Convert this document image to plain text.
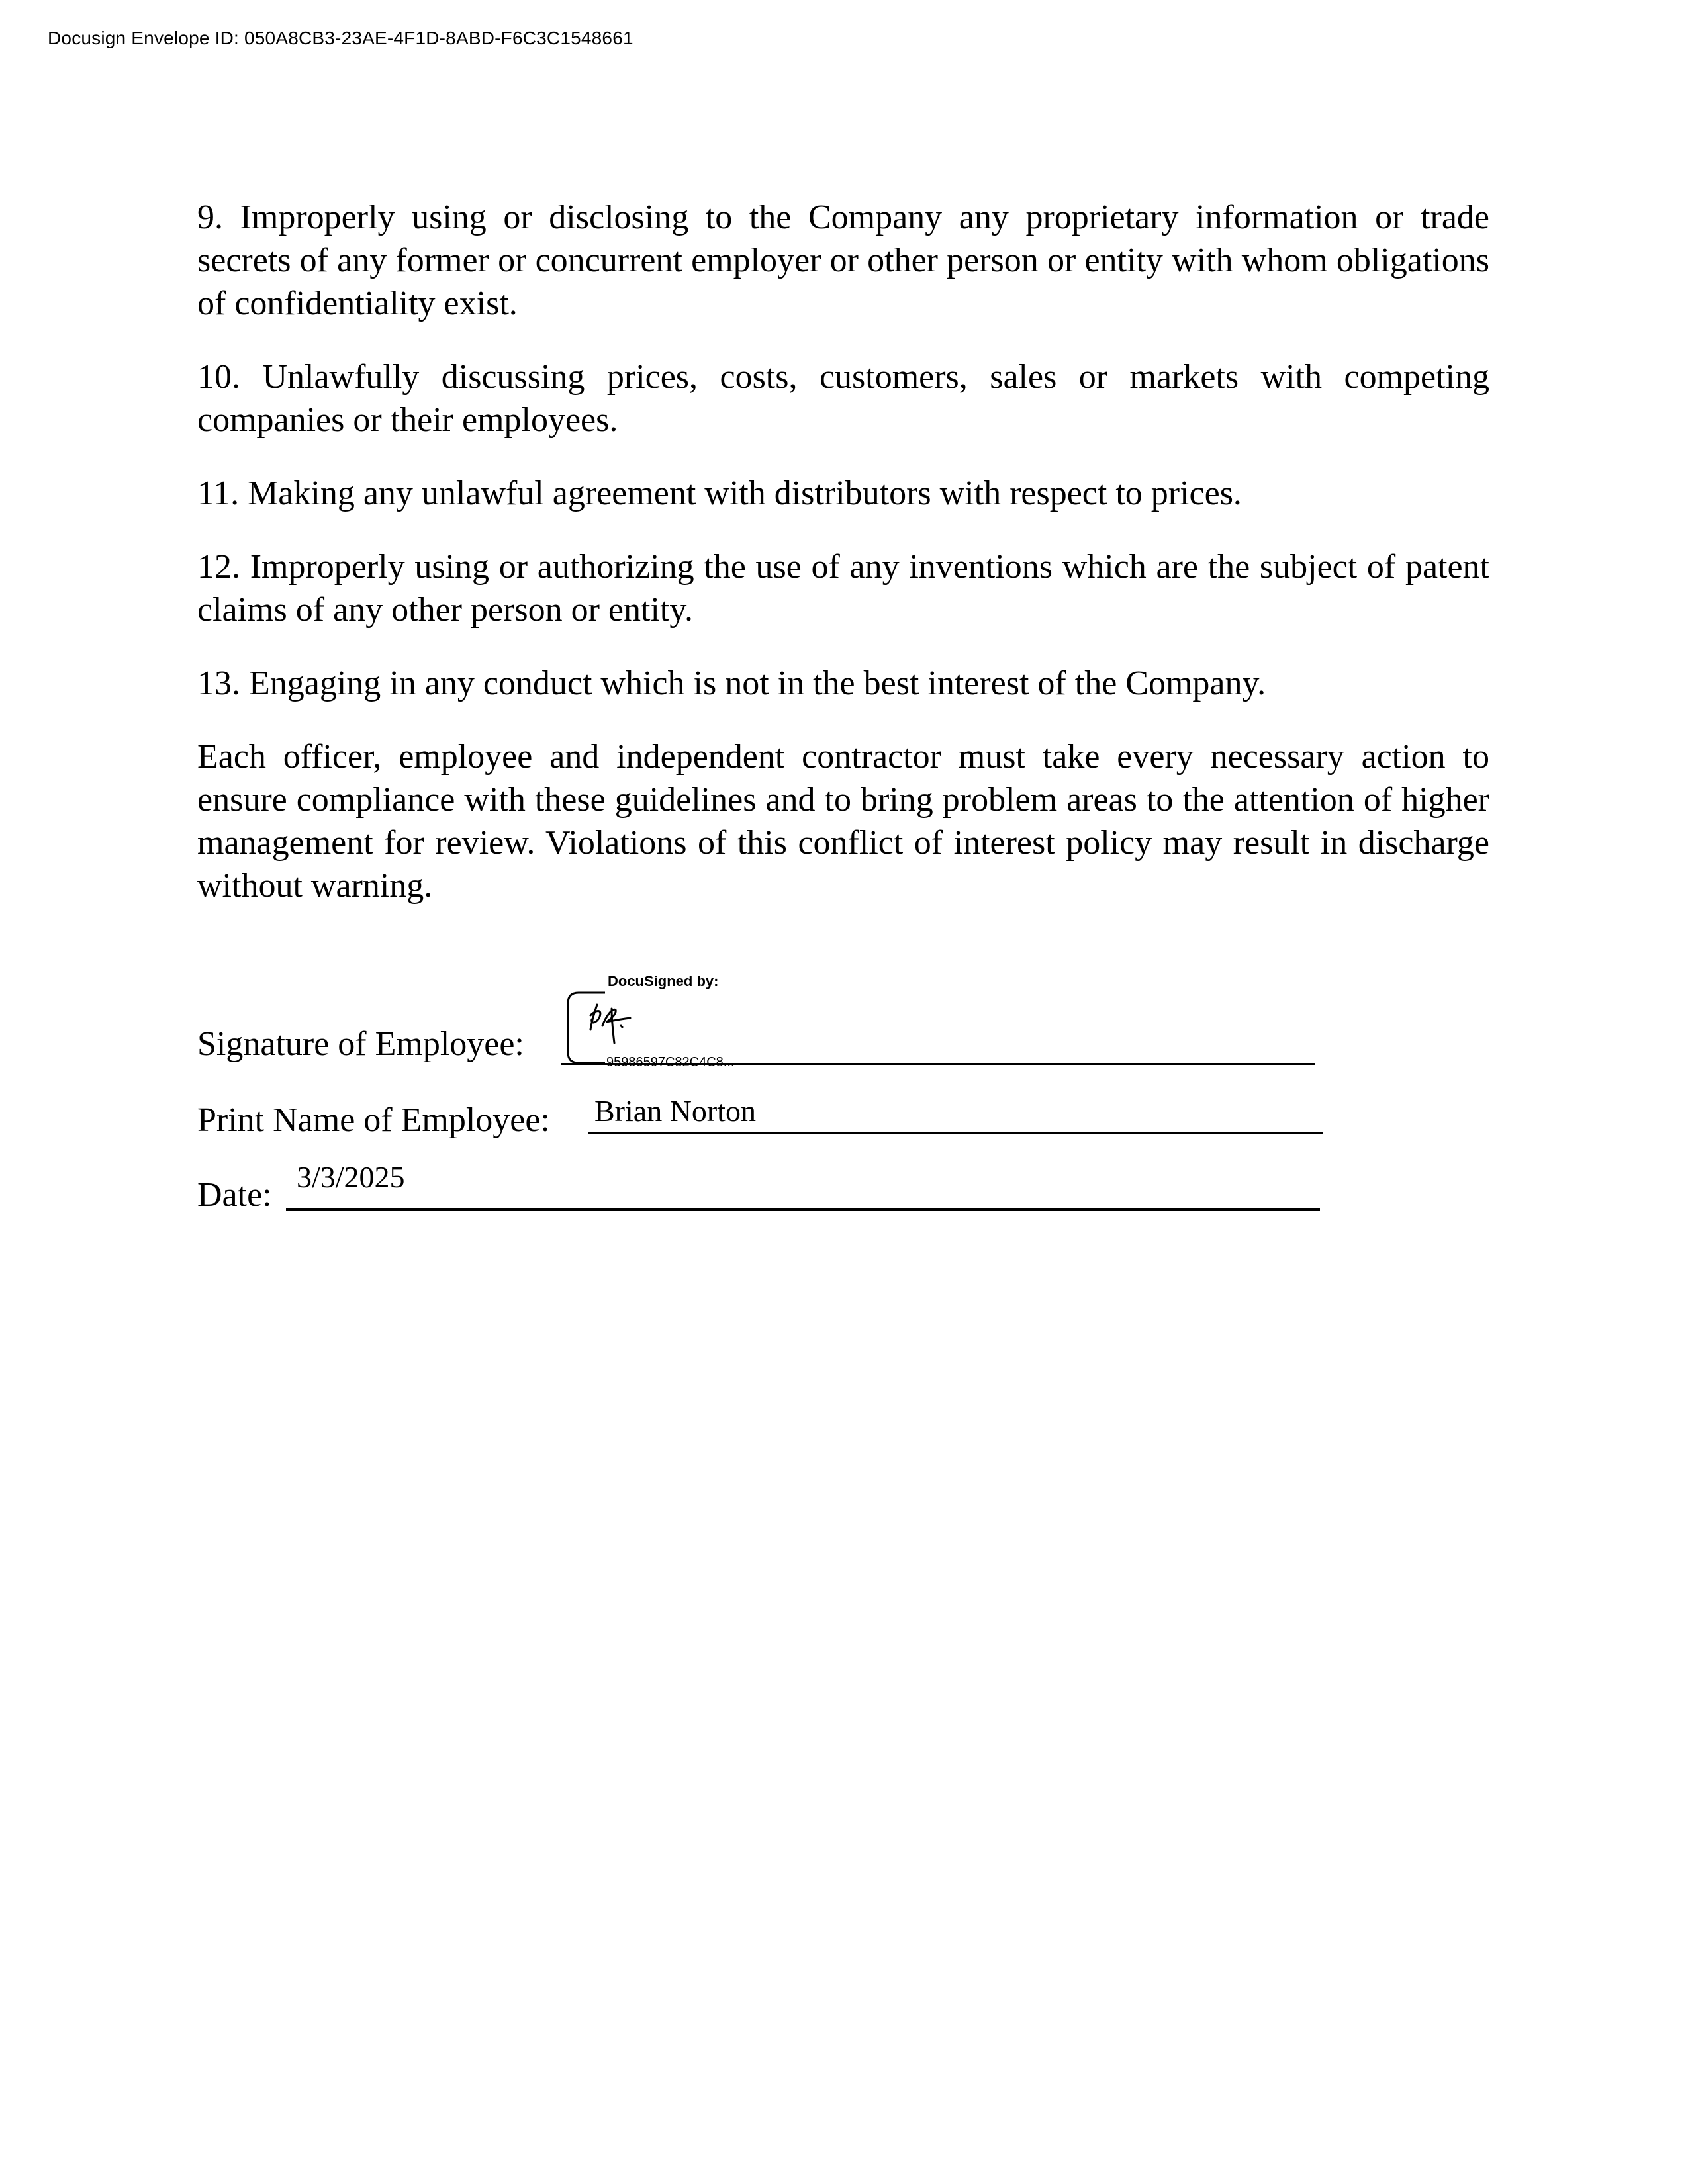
Docusign Envelope ID: 050A8CB3-23AE-4F1D-8ABD-F6C3C1548661

9. Improperly using or disclosing to the Company any proprietary information or trade secrets of any former or concurrent employer or other person or entity with whom obligations of confidentiality exist.

10. Unlawfully discussing prices, costs, customers, sales or markets with competing companies or their employees.

11. Making any unlawful agreement with distributors with respect to prices.

12. Improperly using or authorizing the use of any inventions which are the subject of patent claims of any other person or entity.

13. Engaging in any conduct which is not in the best interest of the Company.

Each officer, employee and independent contractor must take every necessary action to ensure compliance with these guidelines and to bring problem areas to the attention of higher management for review. Violations of this conflict of interest policy may result in discharge without warning.

Signature of Employee:
DocuSigned by:
95986597C82C4C8...
Print Name of Employee: Brian Norton
Date: 3/3/2025
